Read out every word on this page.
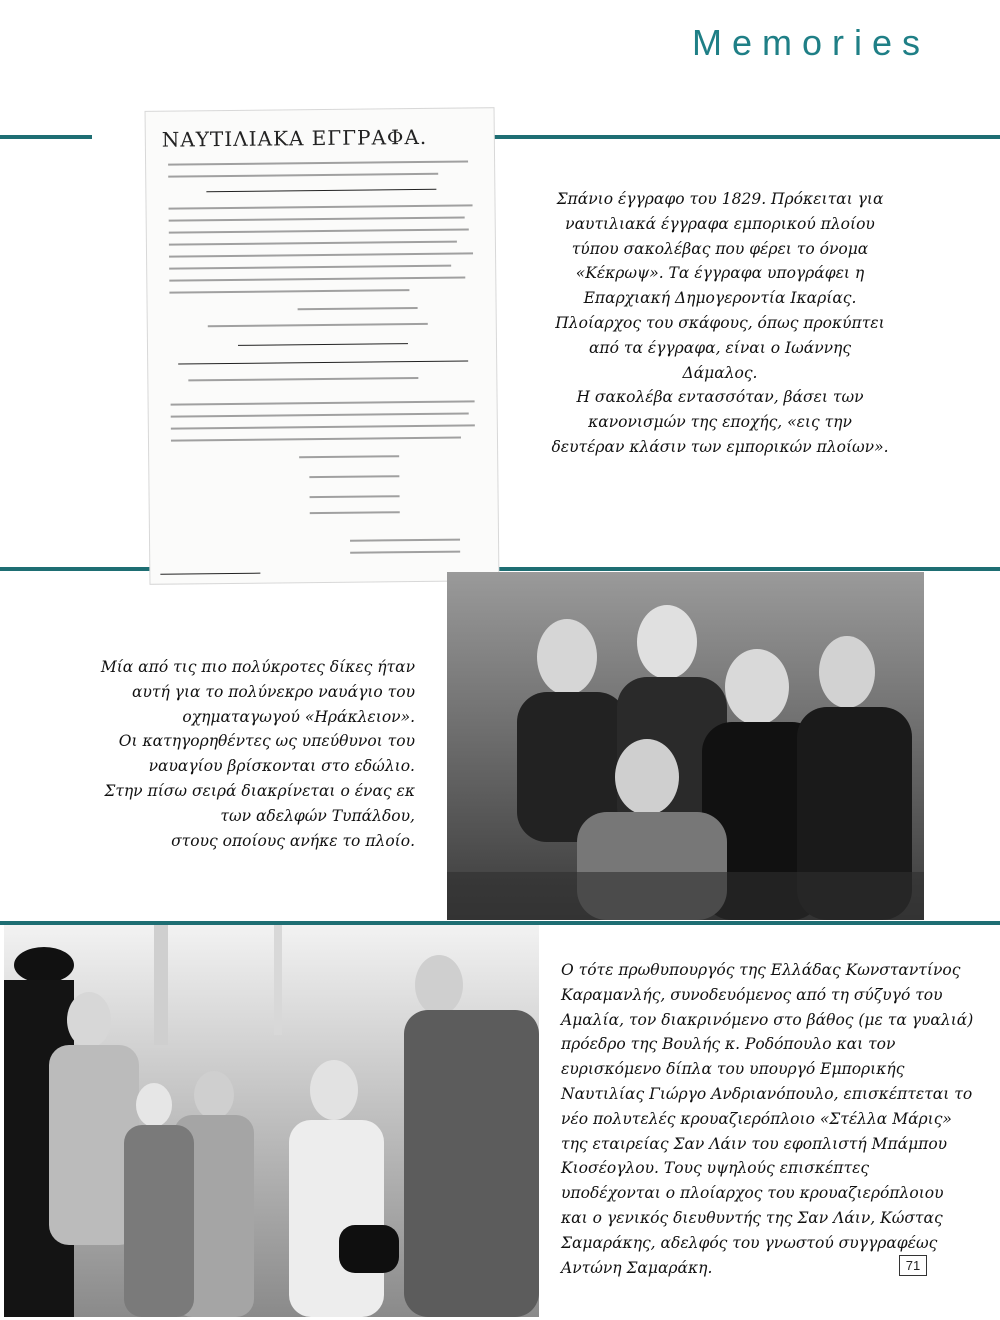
Memories
ΝΑΥΤΙΛΙΑΚΑ ΕΓΓΡΑΦΑ.

Σπάνιο έγγραφο του 1829. Πρόκειται για

ναυτιλιακά έγγραφα εμπορικού πλοίου

τύπου σακολέβας που φέρει το όνομα

«Κέκρωψ». Τα έγγραφα υπογράφει η

Επαρχιακή Δημογεροντία Ικαρίας.

Πλοίαρχος του σκάφους, όπως προκύπτει

από τα έγγραφα, είναι ο Ιωάννης

Δάμαλος.

Η σακολέβα εντασσόταν, βάσει των

κανονισμών της εποχής, «εις την

δευτέραν κλάσιν των εμπορικών πλοίων».

Μία από τις πιο πολύκροτες δίκες ήταν

αυτή για το πολύνεκρο ναυάγιο του

οχηματαγωγού «Ηράκλειον».

Οι κατηγορηθέντες ως υπεύθυνοι του

ναυαγίου βρίσκονται στο εδώλιο.

Στην πίσω σειρά διακρίνεται ο ένας εκ

των αδελφών Τυπάλδου,

στους οποίους ανήκε το πλοίο.

Ο τότε πρωθυπουργός της Ελλάδας Κωνσταντίνος

Καραμανλής, συνοδευόμενος από τη σύζυγό του

Αμαλία, τον διακρινόμενο στο βάθος (με τα γυαλιά)

πρόεδρο της Βουλής κ. Ροδόπουλο και τον

ευρισκόμενο δίπλα του υπουργό Εμπορικής

Ναυτιλίας Γιώργο Ανδριανόπουλο, επισκέπτεται το

νέο πολυτελές κρουαζιερόπλοιο «Στέλλα Μάρις»

της εταιρείας Σαν Λάιν του εφοπλιστή Μπάμπου

Κιοσέογλου. Τους υψηλούς επισκέπτες

υποδέχονται ο πλοίαρχος του κρουαζιερόπλοιου

και ο γενικός διευθυντής της Σαν Λάιν, Κώστας

Σαμαράκης, αδελφός του γνωστού συγγραφέως

Αντώνη Σαμαράκη.	71
